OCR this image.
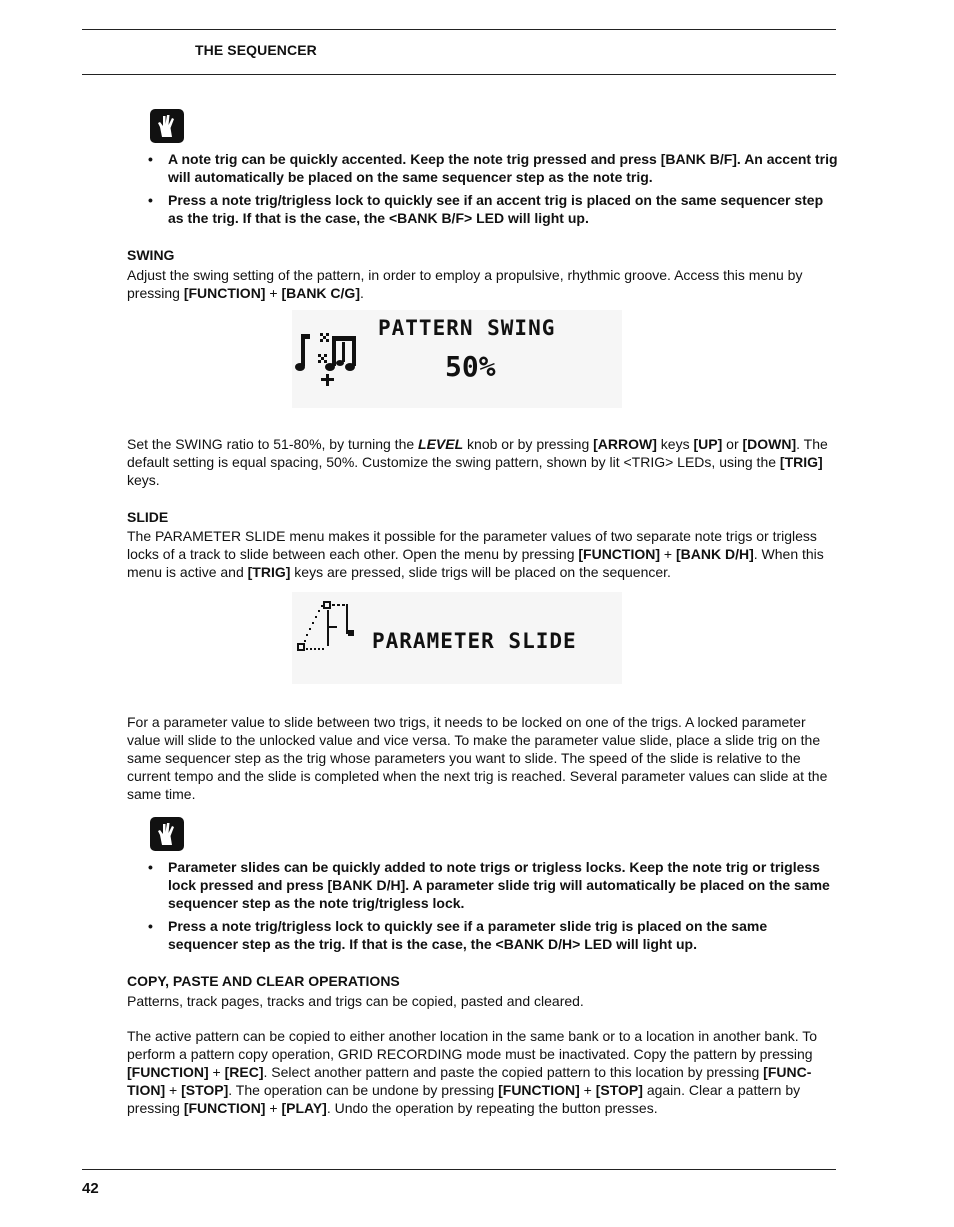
THE SEQUENCER
• A note trig can be quickly accented. Keep the note trig pressed and press [BANK B/F]. An accent trig will automatically be placed on the same sequencer step as the note trig.
• Press a note trig/trigless lock to quickly see if an accent trig is placed on the same sequencer step as the trig. If that is the case, the <BANK B/F> LED will light up.
SWING
Adjust the swing setting of the pattern, in order to employ a propulsive, rhythmic groove. Access this menu by pressing [FUNCTION] + [BANK C/G].
PATTERN SWING
50%
Set the SWING ratio to 51-80%, by turning the LEVEL knob or by pressing [ARROW] keys [UP] or [DOWN]. The default setting is equal spacing, 50%. Customize the swing pattern, shown by lit <TRIG> LEDs, using the [TRIG] keys.
SLIDE
The PARAMETER SLIDE menu makes it possible for the parameter values of two separate note trigs or trigless locks of a track to slide between each other. Open the menu by pressing [FUNCTION] + [BANK D/H]. When this menu is active and [TRIG] keys are pressed, slide trigs will be placed on the sequencer.
PARAMETER SLIDE
For a parameter value to slide between two trigs, it needs to be locked on one of the trigs. A locked parameter value will slide to the unlocked value and vice versa. To make the parameter value slide, place a slide trig on the same sequencer step as the trig whose parameters you want to slide. The speed of the slide is relative to the current tempo and the slide is completed when the next trig is reached. Several parameter values can slide at the same time.
• Parameter slides can be quickly added to note trigs or trigless locks. Keep the note trig or trigless lock pressed and press [BANK D/H]. A parameter slide trig will automatically be placed on the same sequencer step as the note trig/trigless lock.
• Press a note trig/trigless lock to quickly see if a parameter slide trig is placed on the same sequencer step as the trig. If that is the case, the <BANK D/H> LED will light up.
COPY, PASTE AND CLEAR OPERATIONS
Patterns, track pages, tracks and trigs can be copied, pasted and cleared.
The active pattern can be copied to either another location in the same bank or to a location in another bank. To perform a pattern copy operation, GRID RECORDING mode must be inactivated. Copy the pattern by pressing [FUNCTION] + [REC]. Select another pattern and paste the copied pattern to this location by pressing [FUNC-TION] + [STOP]. The operation can be undone by pressing [FUNCTION] + [STOP] again. Clear a pattern by pressing [FUNCTION] + [PLAY]. Undo the operation by repeating the button presses.
42
